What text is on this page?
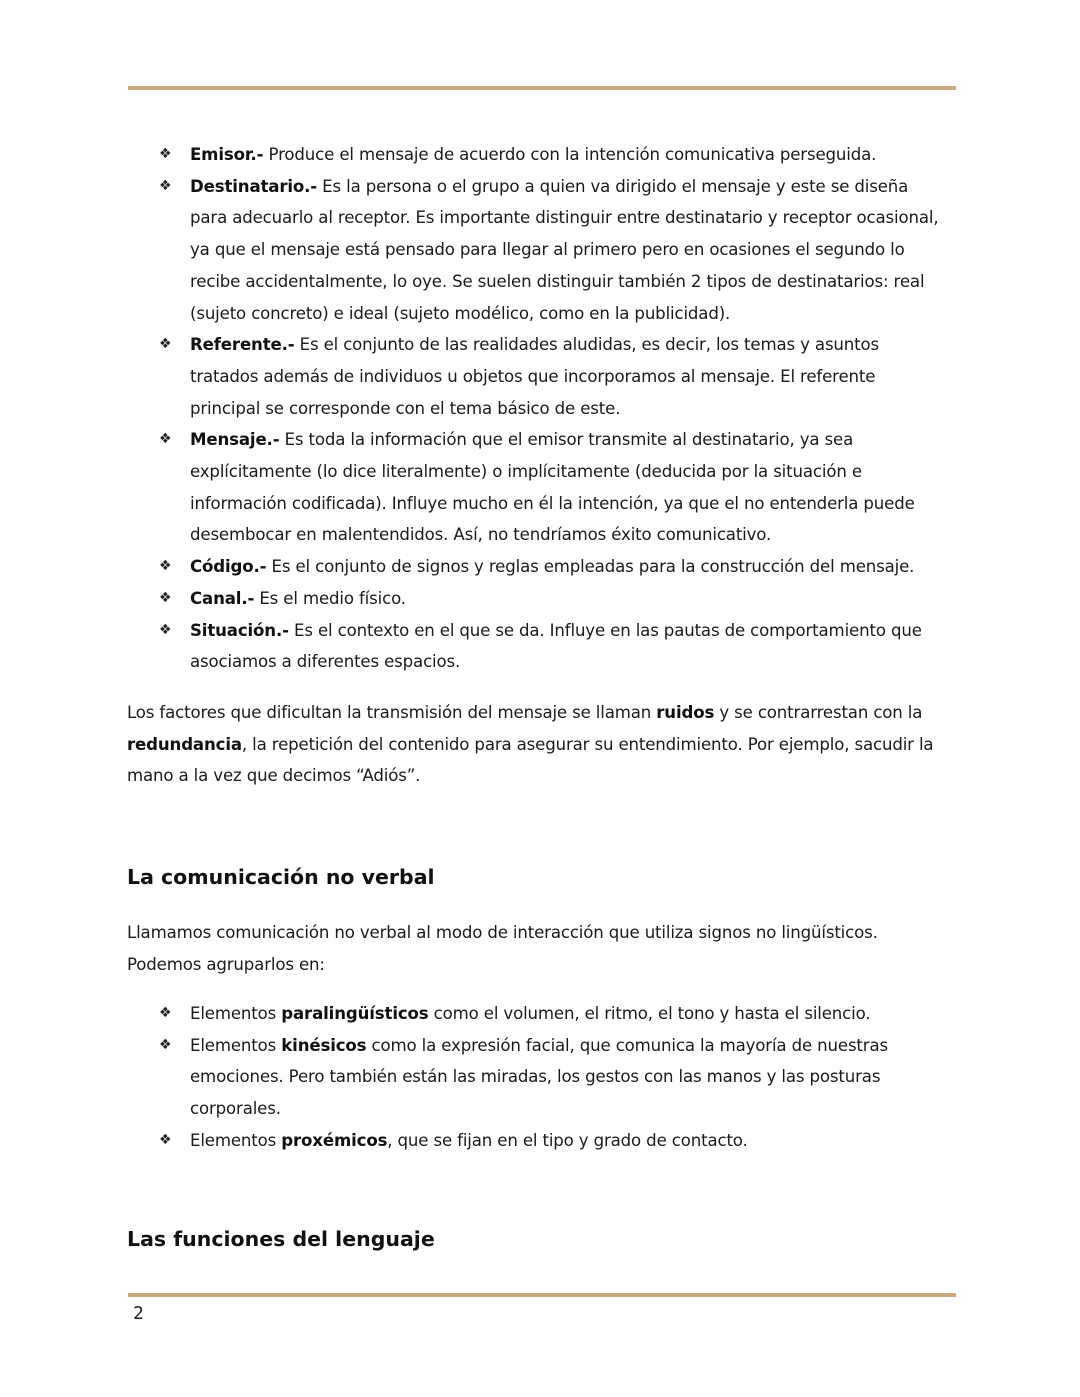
❖ Emisor.- Produce el mensaje de acuerdo con la intención comunicativa perseguida.
❖ Destinatario.- Es la persona o el grupo a quien va dirigido el mensaje y este se diseña para adecuarlo al receptor. Es importante distinguir entre destinatario y receptor ocasional, ya que el mensaje está pensado para llegar al primero pero en ocasiones el segundo lo recibe accidentalmente, lo oye. Se suelen distinguir también 2 tipos de destinatarios: real (sujeto concreto) e ideal (sujeto modélico, como en la publicidad).
❖ Referente.- Es el conjunto de las realidades aludidas, es decir, los temas y asuntos tratados además de individuos u objetos que incorporamos al mensaje. El referente principal se corresponde con el tema básico de este.
❖ Mensaje.- Es toda la información que el emisor transmite al destinatario, ya sea explícitamente (lo dice literalmente) o implícitamente (deducida por la situación e información codificada). Influye mucho en él la intención, ya que el no entenderla puede desembocar en malentendidos. Así, no tendríamos éxito comunicativo.
❖ Código.- Es el conjunto de signos y reglas empleadas para la construcción del mensaje.
❖ Canal.- Es el medio físico.
❖ Situación.- Es el contexto en el que se da. Influye en las pautas de comportamiento que asociamos a diferentes espacios.

Los factores que dificultan la transmisión del mensaje se llaman ruidos y se contrarrestan con la redundancia, la repetición del contenido para asegurar su entendimiento. Por ejemplo, sacudir la mano a la vez que decimos “Adiós”.

La comunicación no verbal

Llamamos comunicación no verbal al modo de interacción que utiliza signos no lingüísticos. Podemos agruparlos en:

❖ Elementos paralingüísticos como el volumen, el ritmo, el tono y hasta el silencio.
❖ Elementos kinésicos como la expresión facial, que comunica la mayoría de nuestras emociones. Pero también están las miradas, los gestos con las manos y las posturas corporales.
❖ Elementos proxémicos, que se fijan en el tipo y grado de contacto.
Las funciones del lenguaje
2
